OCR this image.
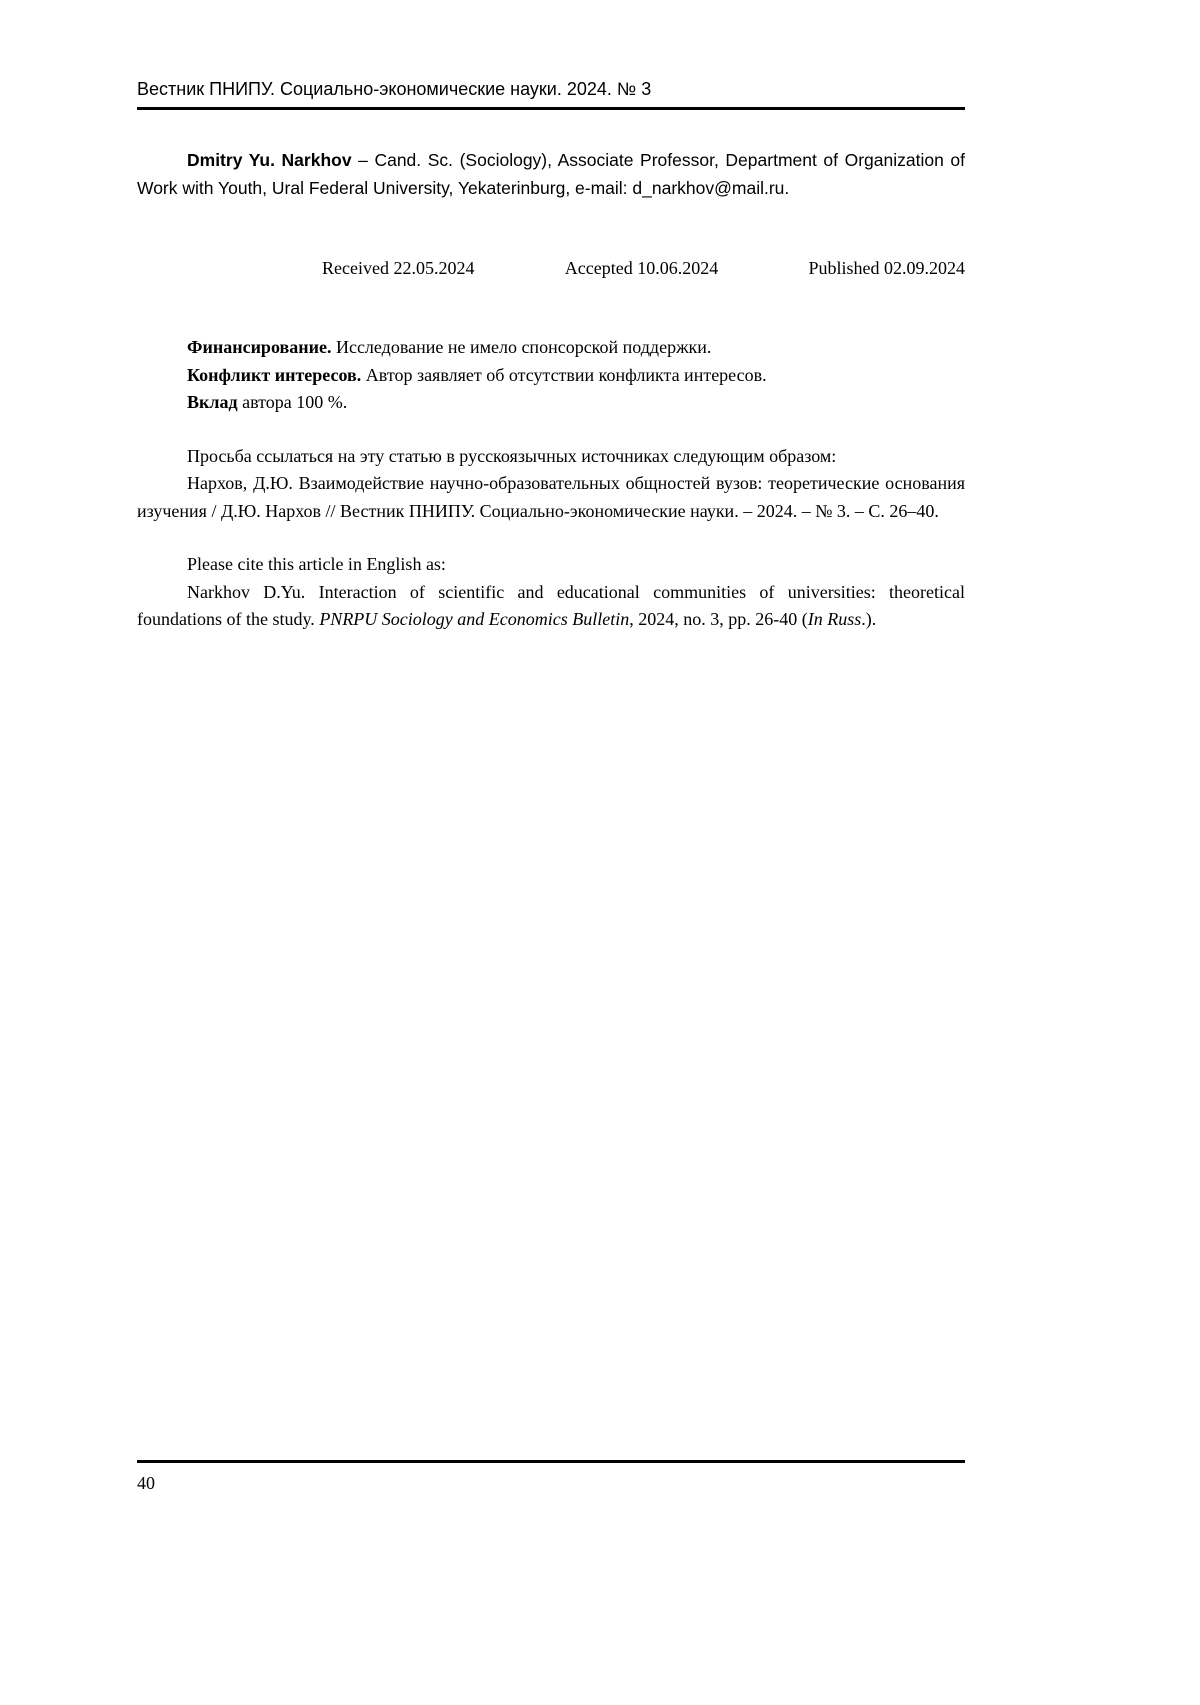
Вестник ПНИПУ. Социально-экономические науки. 2024. № 3

Dmitry Yu. Narkhov – Cand. Sc. (Sociology), Associate Professor, Department of Organization of Work with Youth, Ural Federal University, Yekaterinburg, e-mail: d_narkhov@mail.ru.

Received 22.05.2024	Accepted 10.06.2024	Published 02.09.2024

Финансирование. Исследование не имело спонсорской поддержки.

Конфликт интересов. Автор заявляет об отсутствии конфликта интересов.

Вклад автора 100 %.

Просьба ссылаться на эту статью в русскоязычных источниках следующим образом:

Нархов, Д.Ю. Взаимодействие научно-образовательных общностей вузов: теоретические основания изучения / Д.Ю. Нархов // Вестник ПНИПУ. Социально-экономические науки. – 2024. – № 3. – С. 26–40.

Please cite this article in English as:

Narkhov D.Yu. Interaction of scientific and educational communities of universities: theoretical foundations of the study. PNRPU Sociology and Economics Bulletin, 2024, no. 3, pp. 26-40 (In Russ.).

40
